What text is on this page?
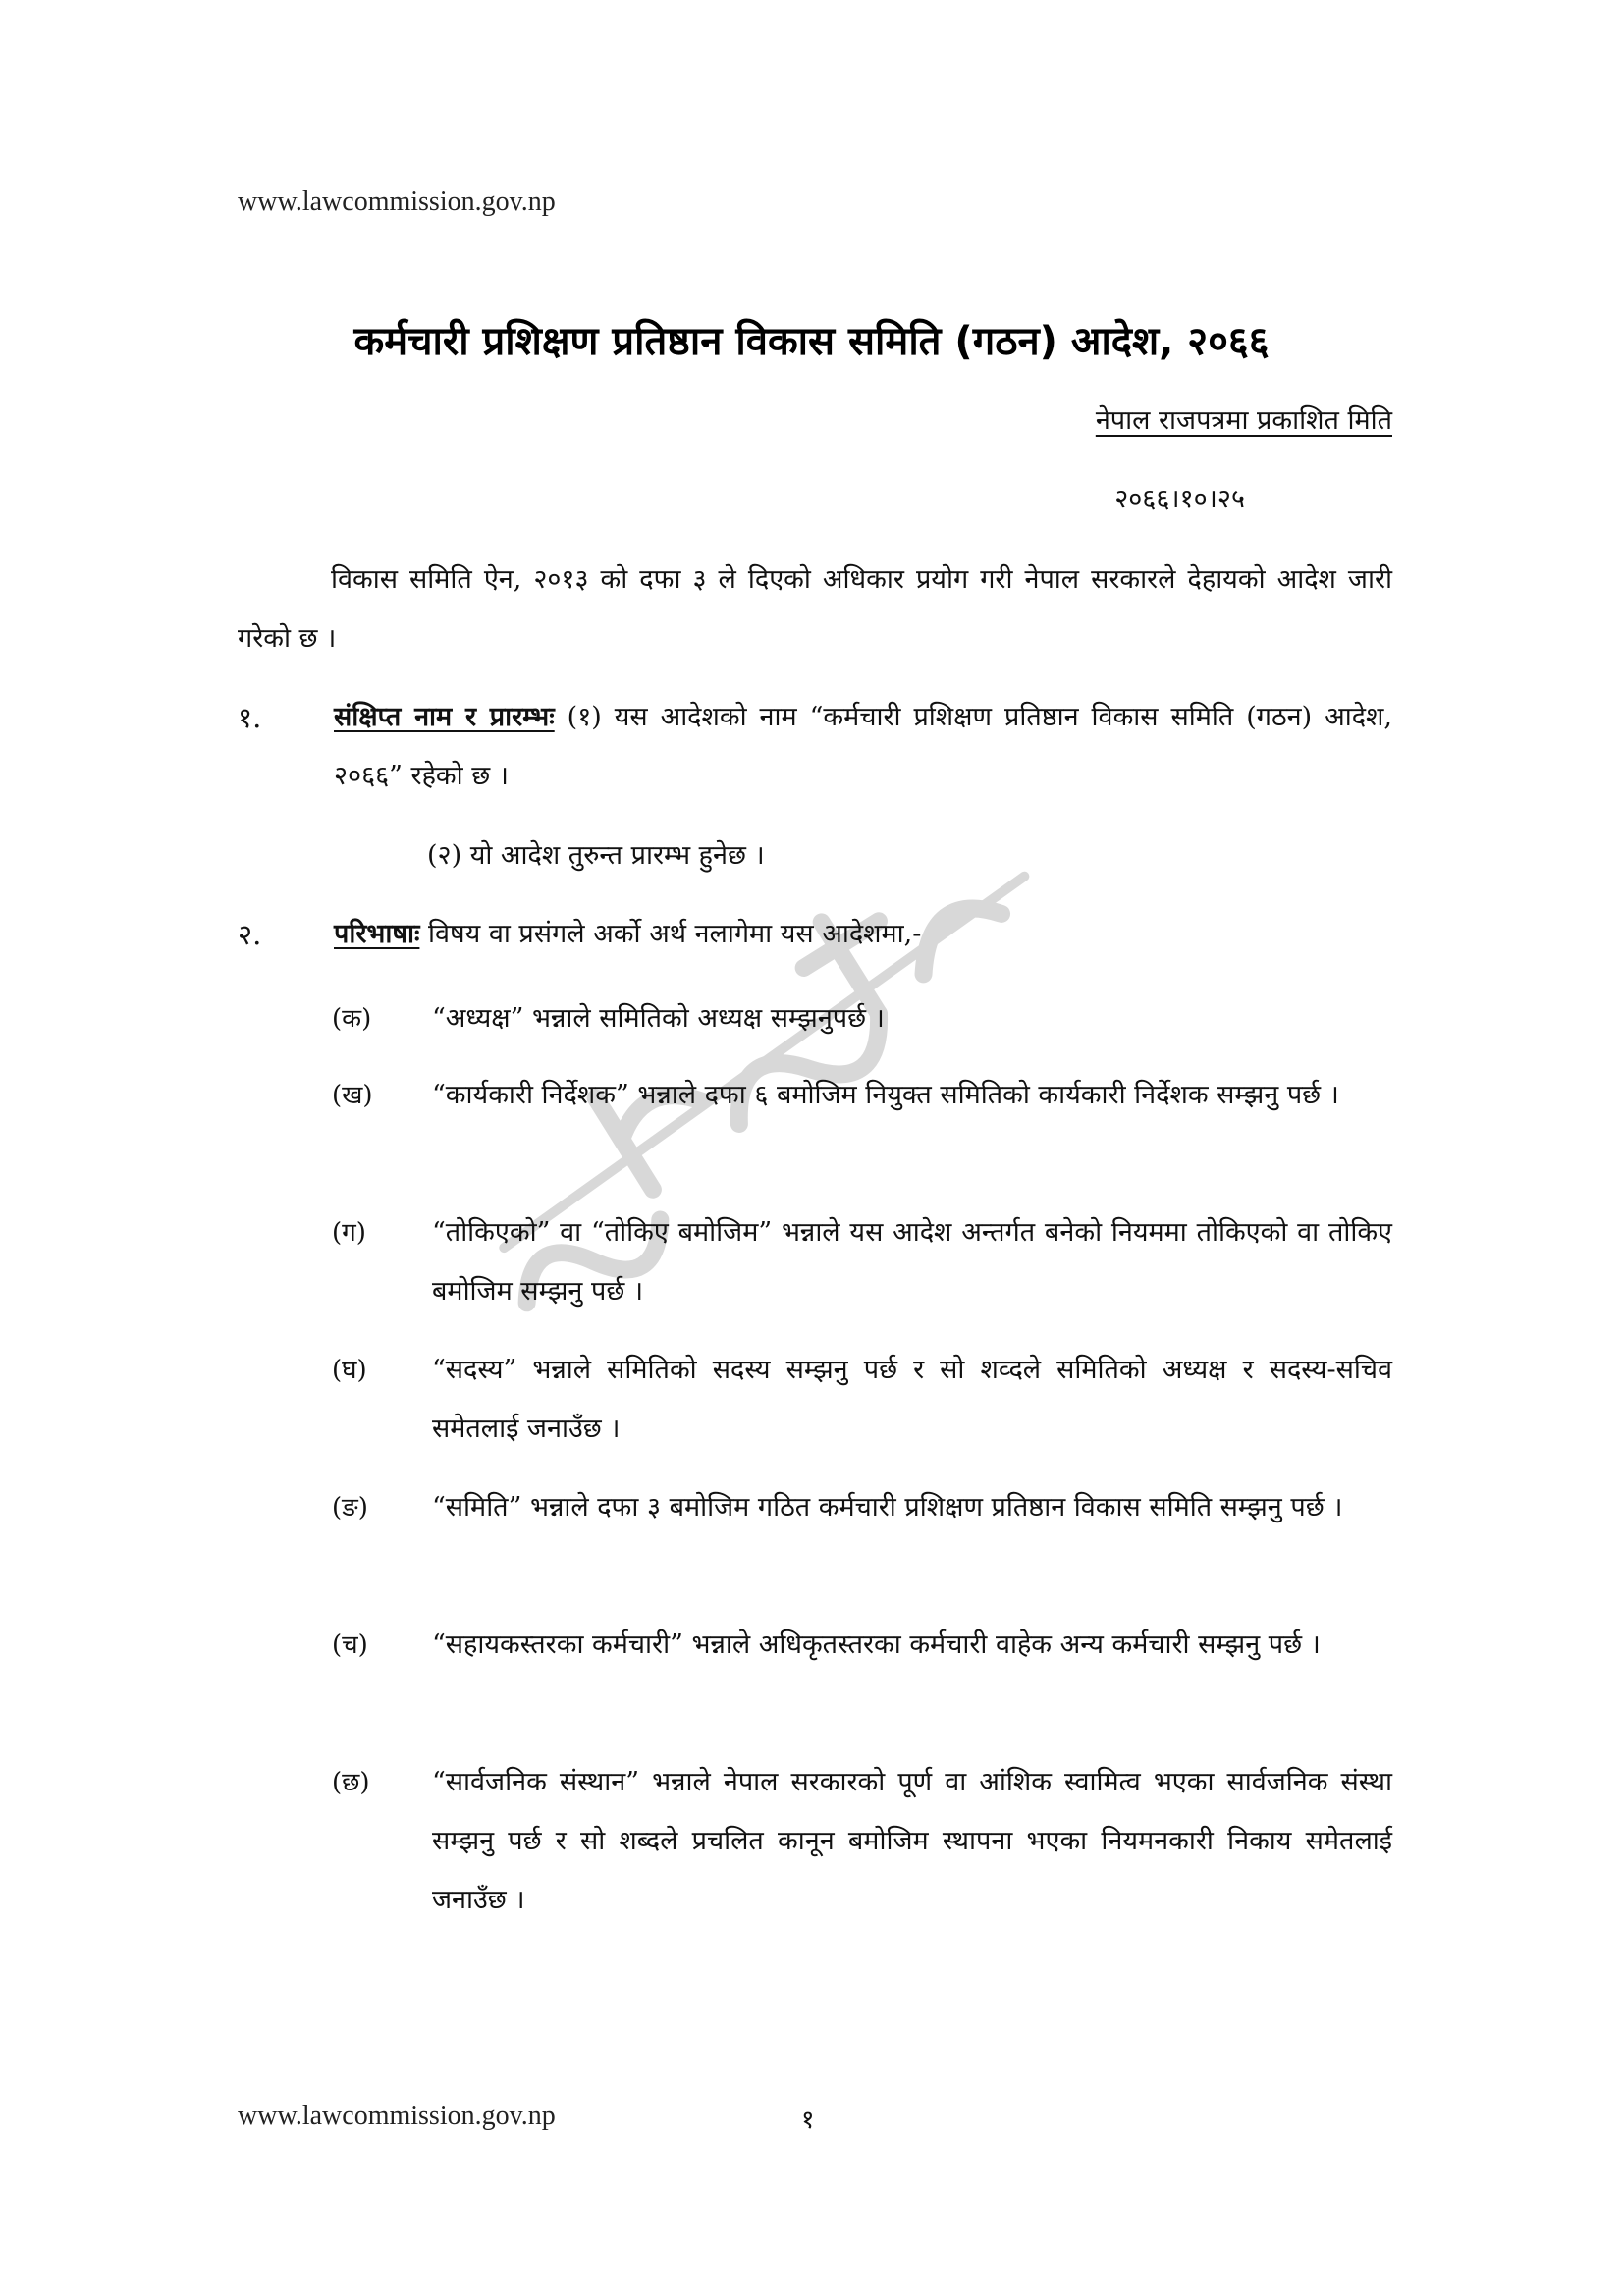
www.lawcommission.gov.np
कर्मचारी प्रशिक्षण प्रतिष्ठान विकास समिति (गठन) आदेश, २०६६
नेपाल राजपत्रमा प्रकाशित मिति
२०६६।१०।२५
विकास समिति ऐन, २०१३ को दफा ३ ले दिएको अधिकार प्रयोग गरी नेपाल सरकारले देहायको आदेश जारी गरेको छ ।
१.	संक्षिप्त नाम र प्रारम्भः (१) यस आदेशको नाम “कर्मचारी प्रशिक्षण प्रतिष्ठान विकास समिति (गठन) आदेश, २०६६” रहेको छ ।
(२) यो आदेश तुरुन्त प्रारम्भ हुनेछ ।
२.	परिभाषाः विषय वा प्रसंगले अर्को अर्थ नलागेमा यस आदेशमा,-
(क) “अध्यक्ष” भन्नाले समितिको अध्यक्ष सम्झनुपर्छ ।
(ख) “कार्यकारी निर्देशक” भन्नाले दफा ६ बमोजिम नियुक्त समितिको कार्यकारी निर्देशक सम्झनु पर्छ ।
(ग) “तोकिएको” वा “तोकिए बमोजिम” भन्नाले यस आदेश अन्तर्गत बनेको नियममा तोकिएको वा तोकिए बमोजिम सम्झनु पर्छ ।
(घ) “सदस्य” भन्नाले समितिको सदस्य सम्झनु पर्छ र सो शव्दले समितिको अध्यक्ष र सदस्य-सचिव समेतलाई जनाउँछ ।
(ङ) “समिति” भन्नाले दफा ३ बमोजिम गठित कर्मचारी प्रशिक्षण प्रतिष्ठान विकास समिति सम्झनु पर्छ ।
(च) “सहायकस्तरका कर्मचारी” भन्नाले अधिकृतस्तरका कर्मचारी वाहेक अन्य कर्मचारी सम्झनु पर्छ ।
(छ) “सार्वजनिक संस्थान” भन्नाले नेपाल सरकारको पूर्ण वा आंशिक स्वामित्व भएका सार्वजनिक संस्था सम्झनु पर्छ र सो शब्दले प्रचलित कानून बमोजिम स्थापना भएका नियमनकारी निकाय समेतलाई जनाउँछ ।
www.lawcommission.gov.np	१
